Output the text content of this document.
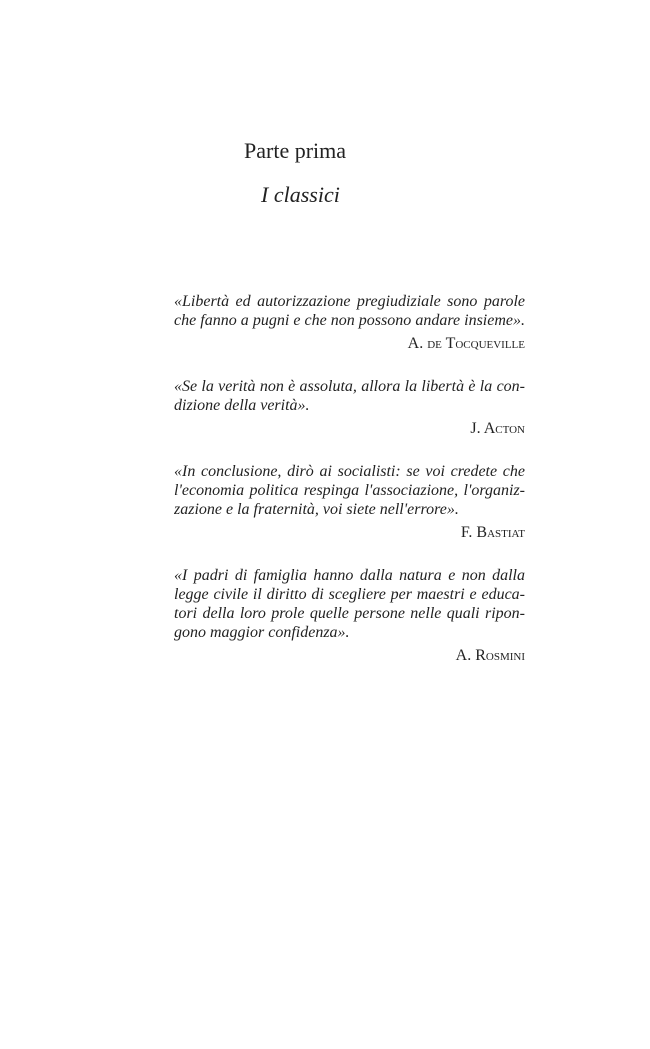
Parte prima
I classici

«Libertà ed autorizzazione pregiudiziale sono parole
che fanno a pugni e che non possono andare insieme».

A. de Tocqueville

«Se la verità non è assoluta, allora la libertà è la con-
dizione della verità».

J. Acton

«In conclusione, dirò ai socialisti: se voi credete che
l'economia politica respinga l'associazione, l'organiz-
zazione e la fraternità, voi siete nell'errore».

F. Bastiat

«I padri di famiglia hanno dalla natura e non dalla
legge civile il diritto di scegliere per maestri e educa-
tori della loro prole quelle persone nelle quali ripon-
gono maggior confidenza».

A. Rosmini
